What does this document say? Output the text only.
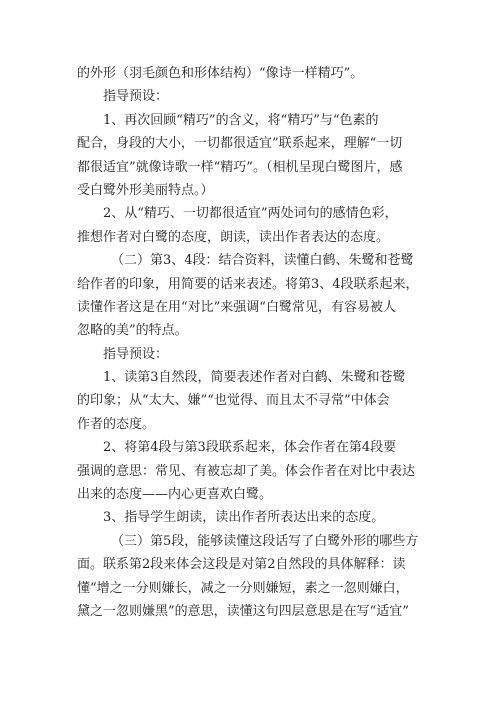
的外形（羽毛颜色和形体结构）“像诗一样精巧”。
指导预设：
1、再次回顾“精巧”的含义，将“精巧”与“色素的
配合，身段的大小，一切都很适宜”联系起来，理解“一切
都很适宜”就像诗歌一样“精巧”。（相机呈现白鹭图片，感
受白鹭外形美丽特点。）
2、从“精巧、一切都很适宜”两处词句的感情色彩，
推想作者对白鹭的态度，朗读，读出作者表达的态度。
（二）第3、4段：结合资料，读懂白鹤、朱鹭和苍鹭
给作者的印象，用简要的话来表述。将第3、4段联系起来，
读懂作者这是在用“对比”来强调“白鹭常见，有容易被人
忽略的美”的特点。
指导预设：
1、读第3自然段，简要表述作者对白鹤、朱鹭和苍鹭
的印象；从“太大、嫌”“也觉得、而且太不寻常”中体会
作者的态度。
2、将第4段与第3段联系起来，体会作者在第4段要
强调的意思：常见、有被忘却了美。体会作者在对比中表达
出来的态度——内心更喜欢白鹭。
3、指导学生朗读，读出作者所表达出来的态度。
（三）第5段，能够读懂这段话写了白鹭外形的哪些方
面。联系第2段来体会这段是对第2自然段的具体解释：读
懂“增之一分则嫌长，减之一分则嫌短，素之一忽则嫌白，
黛之一忽则嫌黑”的意思，读懂这句四层意思是在写“适宜”
